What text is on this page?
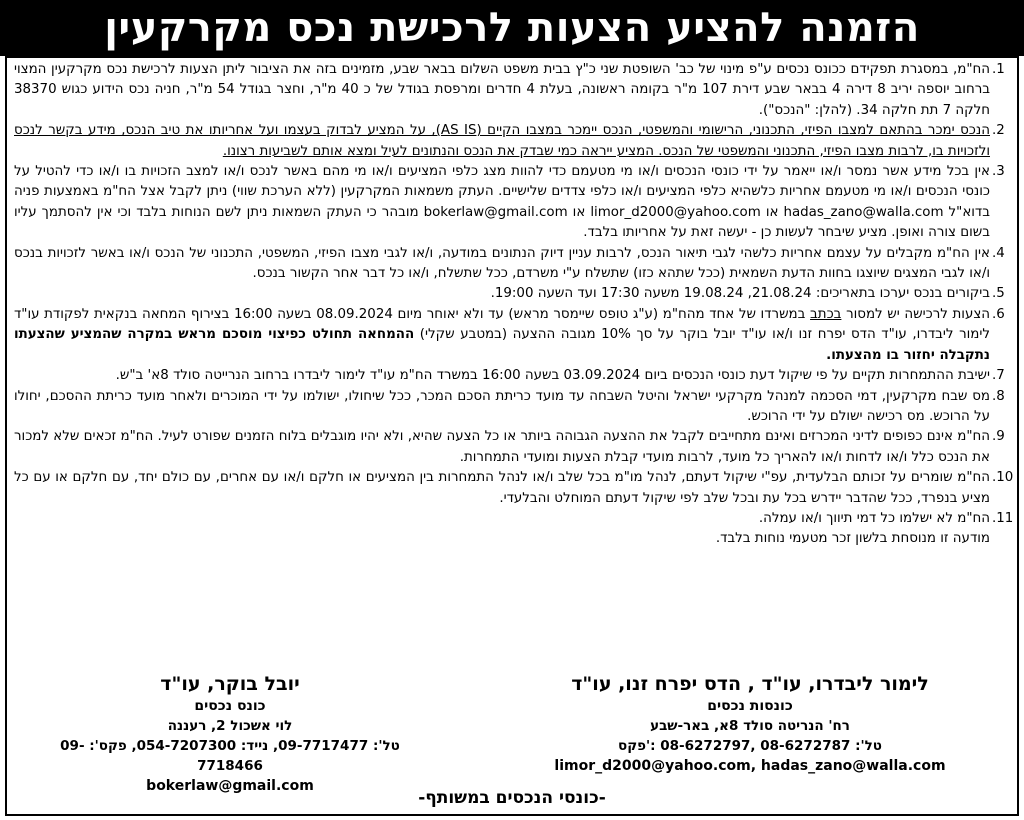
הזמנה להציע הצעות לרכישת נכס מקרקעין
1.
הח"מ, במסגרת תפקידם ככונס נכסים ע"פ מינוי של כב' השופטת שני כ"ץ בבית משפט השלום בבאר שבע, מזמינים בזה את הציבור ליתן הצעות לרכישת נכס מקרקעין המצוי ברחוב יוספה יריב 8 דירה 4 בבאר שבע דירת 107 מ"ר בקומה ראשונה, בעלת 4 חדרים ומרפסת בגודל של כ 40 מ"ר, וחצר בגודל 54 מ"ר, חניה נכס הידוע כגוש 38370 חלקה 7 תת חלקה 34. (להלן: "הנכס").
2.
הנכס ימכר בהתאם למצבו הפיזי, התכנוני, הרישומי והמשפטי, הנכס יימכר במצבו הקיים (AS IS), על המציע לבדוק בעצמו ועל אחריותו את טיב הנכס, מידע בקשר לנכס ולזכויות בו, לרבות מצבו הפיזי, התכנוני והמשפטי של הנכס. המציע ייראה כמי שבדק את הנכס והנתונים לעיל ומצא אותם לשביעות רצונו.
3.
אין בכל מידע אשר נמסר ו/או ייאמר על ידי כונסי הנכסים ו/או מי מטעמם כדי להוות מצג כלפי המציעים ו/או מי מהם באשר לנכס ו/או למצב הזכויות בו ו/או כדי להטיל על כונסי הנכסים ו/או מי מטעמם אחריות כלשהיא כלפי המציעים ו/או כלפי צדדים שלישיים. העתק משמאות המקרקעין (ללא הערכת שווי) ניתן לקבל אצל הח"מ באמצעות פניה בדוא"ל hadas_zano@walla.com או limor_d2000@yahoo.com או bokerlaw@gmail.com מובהר כי העתק השמאות ניתן לשם הנוחות בלבד וכי אין להסתמך עליו בשום צורה ואופן. מציע שיבחר לעשות כן - יעשה זאת על אחריותו בלבד.
4.
אין הח"מ מקבלים על עצמם אחריות כלשהי לגבי תיאור הנכס, לרבות עניין דיוק הנתונים במודעה, ו/או לגבי מצבו הפיזי, המשפטי, התכנוני של הנכס ו/או באשר לזכויות בנכס ו/או לגבי המצגים שיוצגו בחוות הדעת השמאית (ככל שתהא כזו) שתשלח ע"י משרדם, ככל שתשלח, ו/או כל דבר אחר הקשור בנכס.
5.
ביקורים בנכס יערכו בתאריכים: 21.08.24, 19.08.24 משעה 17:30 ועד השעה 19:00.
6.
הצעות לרכישה יש למסור בכתב במשרדו של אחד מהח"מ (ע"ג טופס שיימסר מראש) עד ולא יאוחר מיום 08.09.2024 בשעה 16:00 בצירוף המחאה בנקאית לפקודת עו"ד לימור ליבדרו, עו"ד הדס יפרח זנו ו/או עו"ד יובל בוקר על סך 10% מגובה ההצעה (במטבע שקלי) ההמחאה תחולט כפיצוי מוסכם מראש במקרה שהמציע שהצעתו נתקבלה יחזור בו מהצעתו.
7.
ישיבת ההתמחרות תקיים על פי שיקול דעת כונסי הנכסים ביום 03.09.2024 בשעה 16:00 במשרד הח"מ עו"ד לימור ליבדרו ברחוב הנרייטה סולד 8א' ב"ש.
8.
מס שבח מקרקעין, דמי הסכמה למנהל מקרקעי ישראל והיטל השבחה עד מועד כריתת הסכם המכר, ככל שיחולו, ישולמו על ידי המוכרים ולאחר מועד כריתת ההסכם, יחולו על הרוכש. מס רכישה ישולם על ידי הרוכש.
9.
הח"מ אינם כפופים לדיני המכרזים ואינם מתחייבים לקבל את ההצעה הגבוהה ביותר או כל הצעה שהיא, ולא יהיו מוגבלים בלוח הזמנים שפורט לעיל. הח"מ זכאים שלא למכור את הנכס כלל ו/או לדחות ו/או להאריך כל מועד, לרבות מועדי קבלת הצעות ומועדי התמחרות.
10.
הח"מ שומרים על זכותם הבלעדית, עפ"י שיקול דעתם, לנהל מו"מ בכל שלב ו/או לנהל התמחרות בין המציעים או חלקם ו/או עם אחרים, עם כולם יחד, עם חלקם או עם כל מציע בנפרד, ככל שהדבר יידרש בכל עת ובכל שלב לפי שיקול דעתם המוחלט והבלעדי.
11.
הח"מ לא ישלמו כל דמי תיווך ו/או עמלה.
מודעה זו מנוסחת בלשון זכר מטעמי נוחות בלבד.
לימור ליבדרו, עו"ד , הדס יפרח זנו, עו"ד
כונסות נכסים
רח' הנריטה סולד 8א, באר-שבע
טל': 08-6272787 ,08-6272797 :'פקס
limor_d2000@yahoo.com, hadas_zano@walla.com
יובל בוקר, עו"ד
כונס נכסים
לוי אשכול 2, רעננה
טל': 09-7717477, נייד: 054-7207300, פקס': 09-7718466
bokerlaw@gmail.com
-כונסי הנכסים במשותף-
